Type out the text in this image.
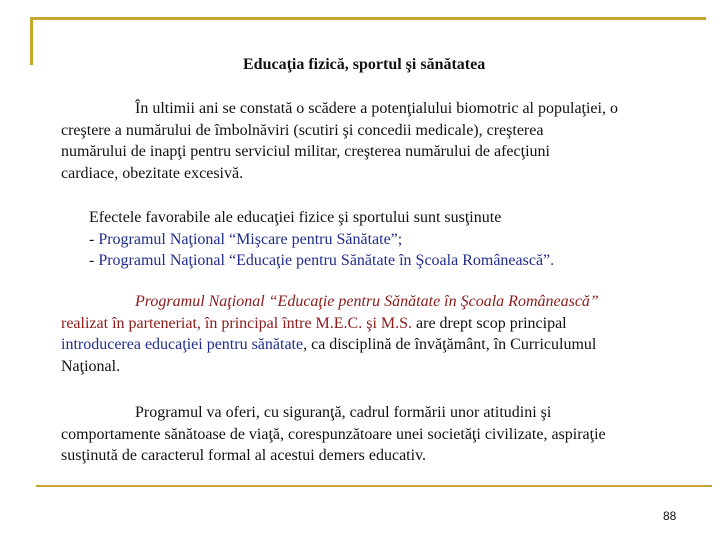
Educaţia fizică, sportul şi sănătatea
În ultimii ani se constată o scădere a potenţialului biomotric al populaţiei, o
creştere a numărului de îmbolnăviri (scutiri şi concedii medicale), creşterea
numărului de inapţi pentru serviciul militar, creşterea numărului de afecţiuni
cardiace, obezitate excesivă.
Efectele favorabile ale educaţiei fizice şi sportului sunt susţinute
- Programul Naţional “Mişcare pentru Sănătate”;
- Programul Naţional “Educaţie pentru Sănătate în Şcoala Românească”.
Programul Naţional “Educaţie pentru Sănătate în Şcoala Românească”
realizat în parteneriat, în principal între M.E.C. şi M.S. are drept scop principal
introducerea educaţiei pentru sănătate, ca disciplină de învăţământ, în Curriculumul
Naţional.
Programul va oferi, cu siguranţă, cadrul formării unor atitudini şi
comportamente sănătoase de viaţă, corespunzătoare unei societăţi civilizate, aspiraţie
susţinută de caracterul formal al acestui demers educativ.
88
